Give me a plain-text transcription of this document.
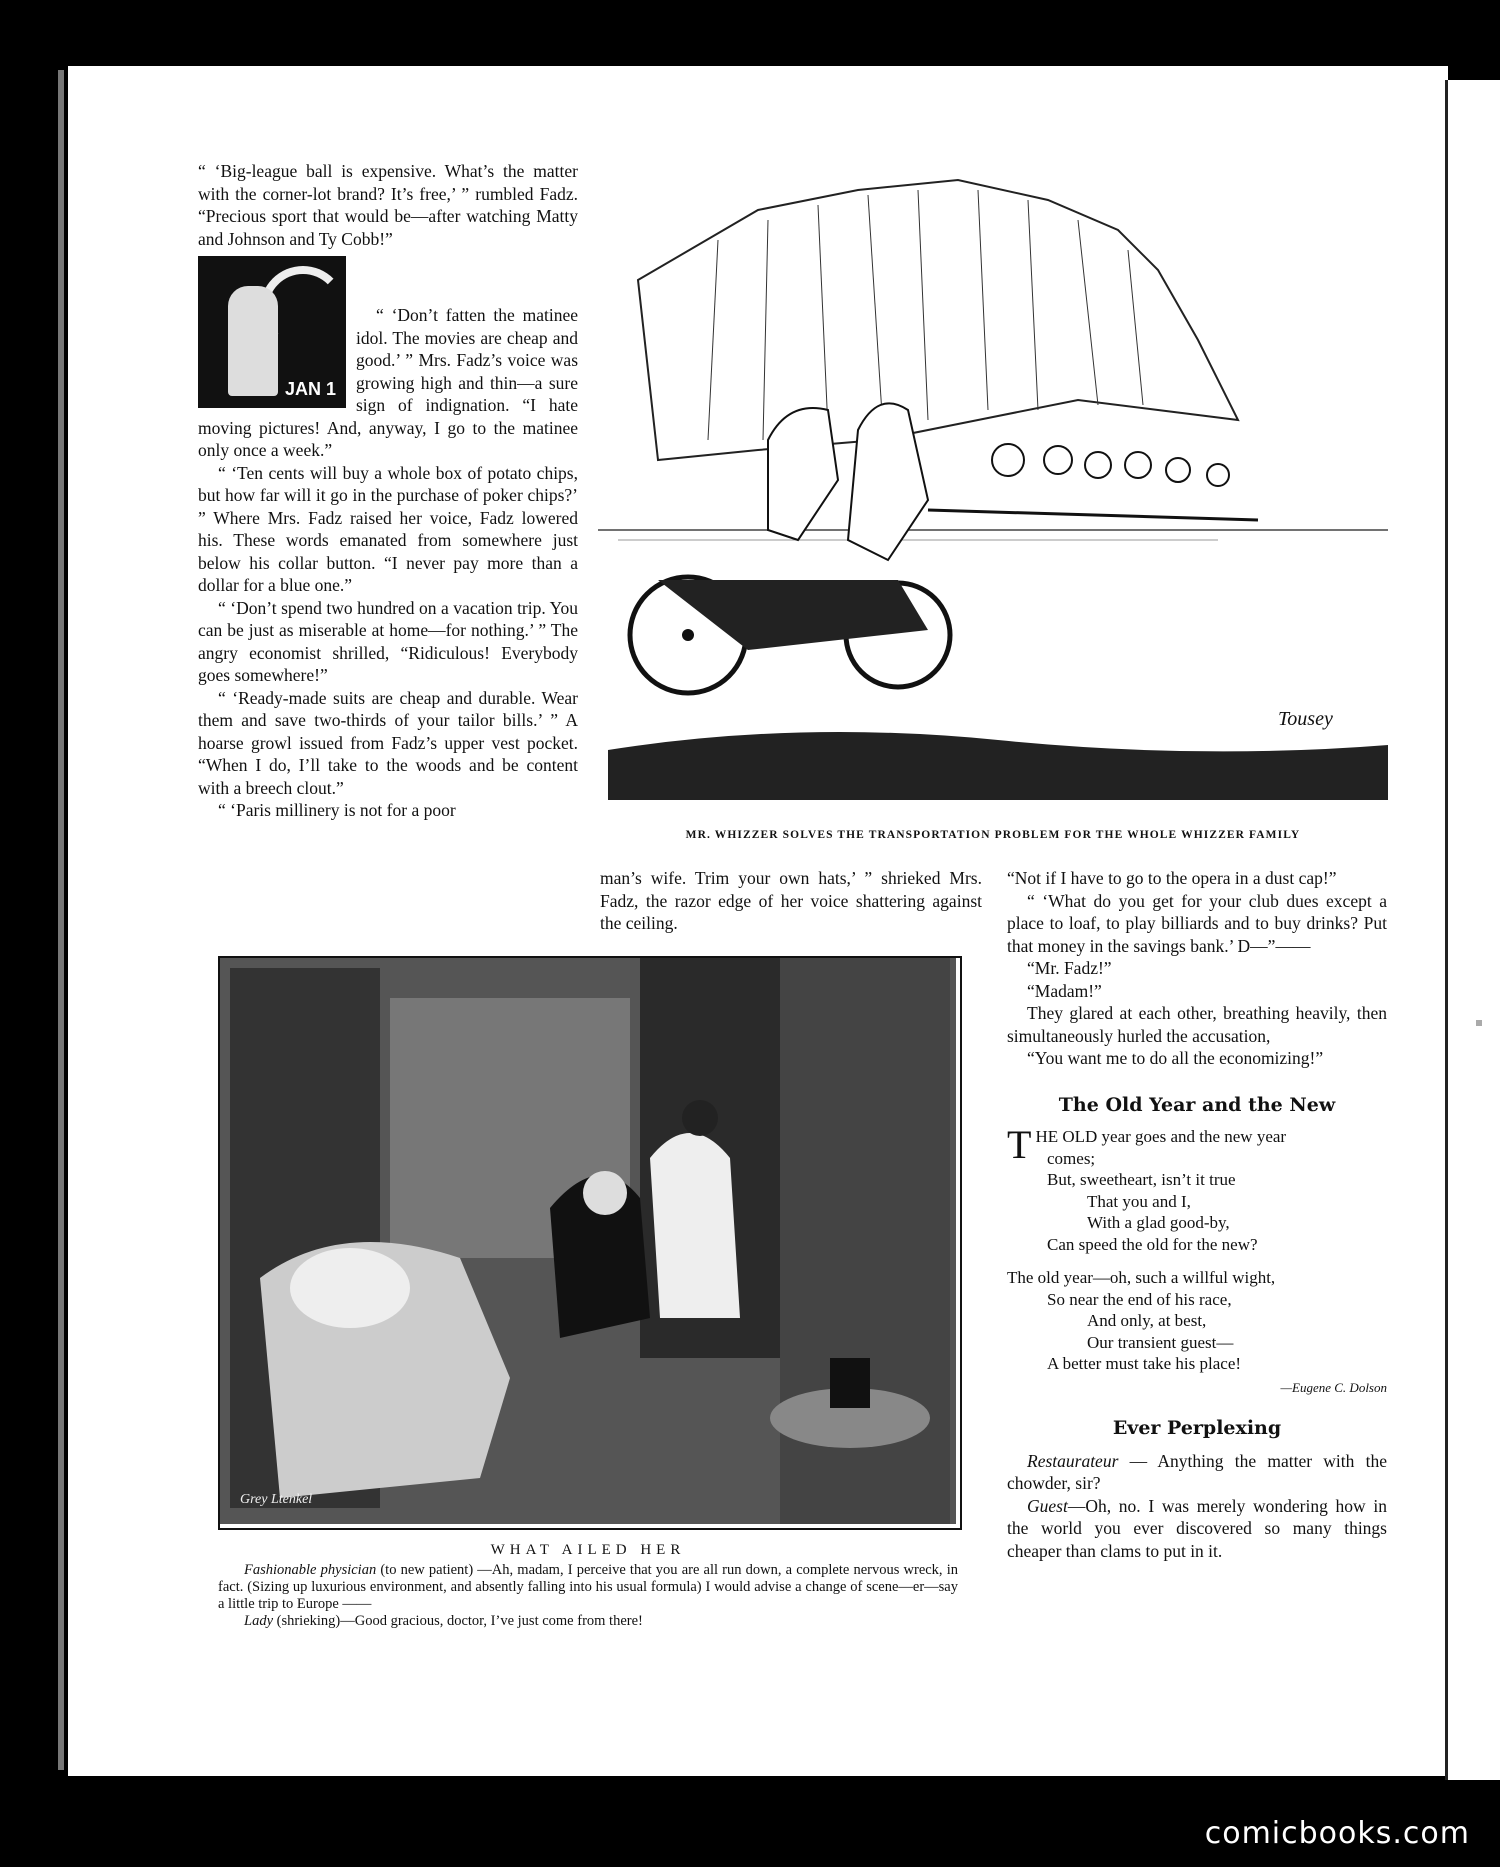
“ ‘Big-league ball is expensive. What’s the matter with the corner-lot brand? It’s free,’ ” rumbled Fadz. “Precious sport that would be—after watching Matty and Johnson and Ty Cobb!”

JAN 1

“ ‘Don’t fatten the matinee idol. The movies are cheap and good.’ ” Mrs. Fadz’s voice was growing high and thin—a sure sign of indignation. “I hate moving pictures! And, anyway, I go to the matinee only once a week.”

“ ‘Ten cents will buy a whole box of potato chips, but how far will it go in the purchase of poker chips?’ ” Where Mrs. Fadz raised her voice, Fadz lowered his. These words emanated from somewhere just below his collar button. “I never pay more than a dollar for a blue one.”

“ ‘Don’t spend two hundred on a vacation trip. You can be just as miserable at home—for nothing.’ ” The angry economist shrilled, “Ridiculous! Everybody goes somewhere!”

“ ‘Ready-made suits are cheap and durable. Wear them and save two-thirds of your tailor bills.’ ” A hoarse growl issued from Fadz’s upper vest pocket. “When I do, I’ll take to the woods and be content with a breech clout.”

“ ‘Paris millinery is not for a poor

Tousey
MR. WHIZZER SOLVES THE TRANSPORTATION PROBLEM FOR THE WHOLE WHIZZER FAMILY

man’s wife. Trim your own hats,’ ” shrieked Mrs. Fadz, the razor edge of her voice shattering against the ceiling.

“Not if I have to go to the opera in a dust cap!”

“ ‘What do you get for your club dues except a place to loaf, to play billiards and to buy drinks? Put that money in the savings bank.’ D—”——

“Mr. Fadz!”

“Madam!”

They glared at each other, breathing heavily, then simultaneously hurled the accusation,

“You want me to do all the economizing!”

The Old Year and the New
THE OLD year goes and the new year
comes;
But, sweetheart, isn’t it true
That you and I,
With a glad good-by,
Can speed the old for the new?
The old year—oh, such a willful wight,
So near the end of his race,
And only, at best,
Our transient guest—
A better must take his place!
—Eugene C. Dolson
Ever Perplexing

Restaurateur — Anything the matter with the chowder, sir?

Guest—Oh, no. I was merely wondering how in the world you ever discovered so many things cheaper than clams to put in it.

Grey Ltenkel
WHAT AILED HER
Fashionable physician (to new patient) —Ah, madam, I perceive that you are all run down, a complete nervous wreck, in fact. (Sizing up luxurious environment, and absently falling into his usual formula) I would advise a change of scene—er—say a little trip to Europe ——
Lady (shrieking)—Good gracious, doctor, I’ve just come from there!
comicbooks.com
